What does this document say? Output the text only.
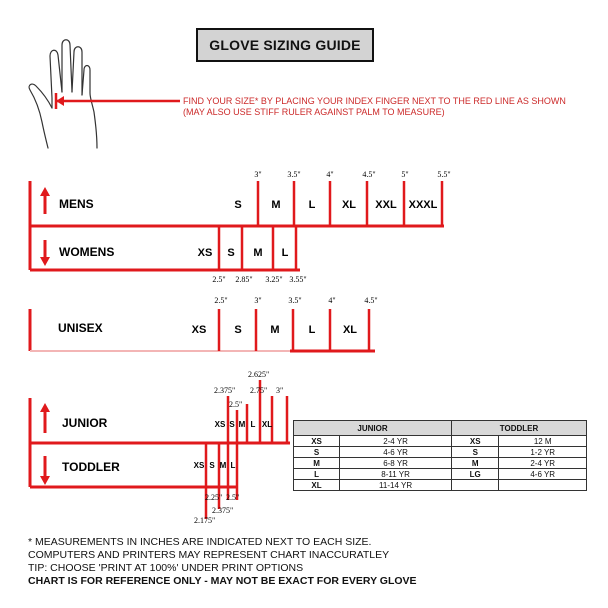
GLOVE SIZING GUIDE
MENS
WOMENS
3"	3.5"	4"	4.5"	5"	5.5"
2.5" 2.85" 3.25" 3.55"
S	M	L XL XXL XXXL
XS S M L
UNISEX
2.5"	3"	3.5"	4"	4.5"
XS	S	M	L	XL
JUNIOR
TODDLER
2.625"
2.375" 2.75" 3"
2.5"
2.25" 2.5"
2.375"
2.175"
XS S M L XL
XS S M L
FIND YOUR SIZE* BY PLACING YOUR INDEX FINGER NEXT TO THE RED LINE AS SHOWN
(MAY ALSO USE STIFF RULER AGAINST PALM TO MEASURE)
JUNIOR		TODDLER	
XS	2-4 YR	XS	12 M
S	4-6 YR	S	1-2 YR
M	6-8 YR	M	2-4 YR
L	8-11 YR	LG	4-6 YR
XL	11-14 YR		
* MEASUREMENTS IN INCHES ARE INDICATED NEXT TO EACH SIZE.
COMPUTERS AND PRINTERS MAY REPRESENT CHART INACCURATLEY
TIP: CHOOSE 'PRINT AT 100%' UNDER PRINT OPTIONS
CHART IS FOR REFERENCE ONLY - MAY NOT BE EXACT FOR EVERY GLOVE
